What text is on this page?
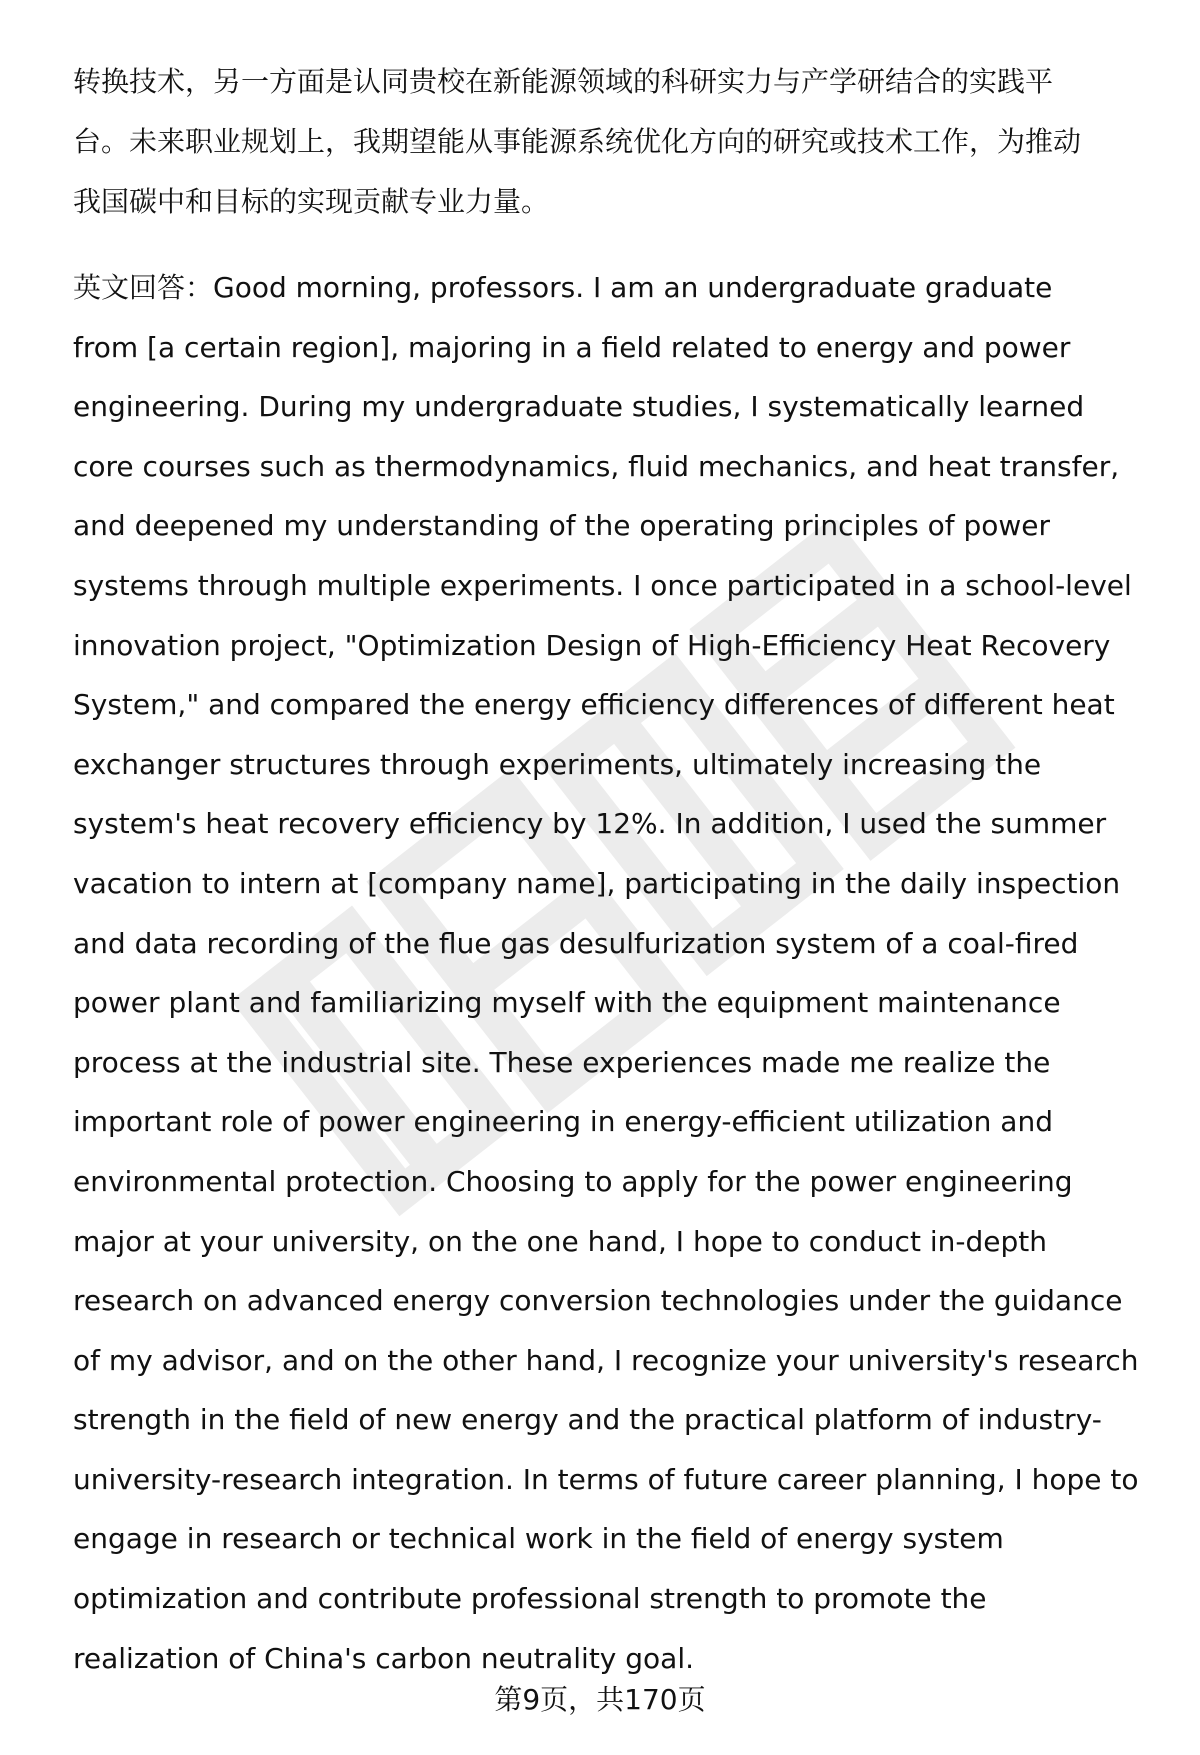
转换技术，另一方面是认同贵校在新能源领域的科研实力与产学研结合的实践平
台。未来职业规划上，我期望能从事能源系统优化方向的研究或技术工作，为推动
我国碳中和目标的实现贡献专业力量。
英文回答：Good morning, professors. I am an undergraduate graduate
from [a certain region], majoring in a field related to energy and power
engineering. During my undergraduate studies, I systematically learned
core courses such as thermodynamics, fluid mechanics, and heat transfer,
and deepened my understanding of the operating principles of power
systems through multiple experiments. I once participated in a school-level
innovation project, "Optimization Design of High-Efficiency Heat Recovery
System," and compared the energy efficiency differences of different heat
exchanger structures through experiments, ultimately increasing the
system's heat recovery efficiency by 12%. In addition, I used the summer
vacation to intern at [company name], participating in the daily inspection
and data recording of the flue gas desulfurization system of a coal-fired
power plant and familiarizing myself with the equipment maintenance
process at the industrial site. These experiences made me realize the
important role of power engineering in energy-efficient utilization and
environmental protection. Choosing to apply for the power engineering
major at your university, on the one hand, I hope to conduct in-depth
research on advanced energy conversion technologies under the guidance
of my advisor, and on the other hand, I recognize your university's research
strength in the field of new energy and the practical platform of industry-
university-research integration. In terms of future career planning, I hope to
engage in research or technical work in the field of energy system
optimization and contribute professional strength to promote the
realization of China's carbon neutrality goal.
第9页，共170页
